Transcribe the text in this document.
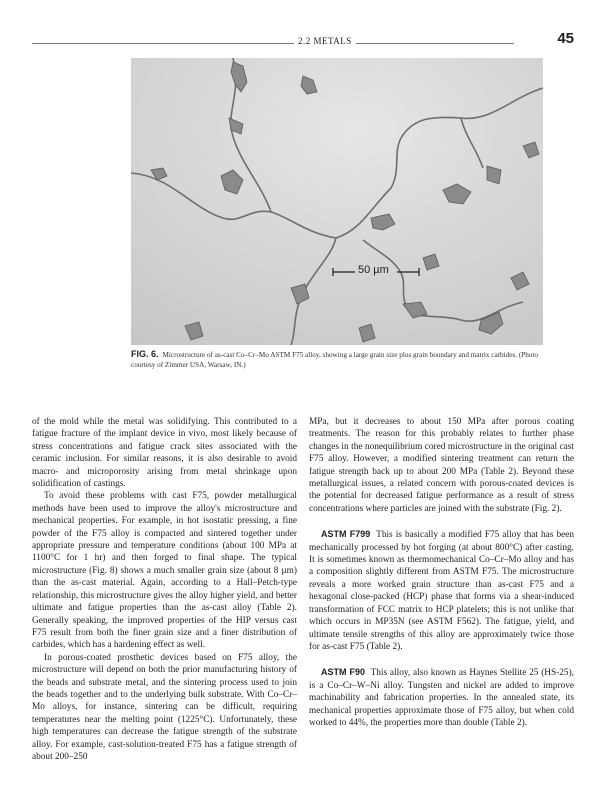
2.2 METALS	45
50 µm
FIG. 6. Microstructure of as-cast Co–Cr–Mo ASTM F75 alloy, showing a large grain size plus grain boundary and matrix carbides. (Photo courtesy of Zimmer USA, Warsaw, IN.)

of the mold while the metal was solidifying. This contributed to a fatigue fracture of the implant device in vivo, most likely because of stress concentrations and fatigue crack sites associated with the ceramic inclusion. For similar reasons, it is also desirable to avoid macro- and microporosity arising from metal shrinkage upon solidification of castings.

To avoid these problems with cast F75, powder metallurgical methods have been used to improve the alloy's microstructure and mechanical properties. For example, in hot isostatic pressing, a fine powder of the F75 alloy is compacted and sintered together under appropriate pressure and temperature conditions (about 100 MPa at 1100°C for 1 hr) and then forged to final shape. The typical microstructure (Fig. 8) shows a much smaller grain size (about 8 µm) than the as-cast material. Again, according to a Hall–Petch-type relationship, this microstructure gives the alloy higher yield, and better ultimate and fatigue properties than the as-cast alloy (Table 2). Generally speaking, the improved properties of the HIP versus cast F75 result from both the finer grain size and a finer distribution of carbides, which has a hardening effect as well.

In porous-coated prosthetic devices based on F75 alloy, the microstructure will depend on both the prior manufacturing history of the beads and substrate metal, and the sintering process used to join the beads together and to the underlying bulk substrate. With Co–Cr–Mo alloys, for instance, sintering can be difficult, requiring temperatures near the melting point (1225°C). Unfortunately, these high temperatures can decrease the fatigue strength of the substrate alloy. For example, cast-solution-treated F75 has a fatigue strength of about 200–250

MPa, but it decreases to about 150 MPa after porous coating treatments. The reason for this probably relates to further phase changes in the nonequilibrium cored microstructure in the original cast F75 alloy. However, a modified sintering treatment can return the fatigue strength back up to about 200 MPa (Table 2). Beyond these metallurgical issues, a related concern with porous-coated devices is the potential for decreased fatigue performance as a result of stress concentrations where particles are joined with the substrate (Fig. 2).

ASTM F799 This is basically a modified F75 alloy that has been mechanically processed by hot forging (at about 800°C) after casting. It is sometimes known as thermomechanical Co–Cr–Mo alloy and has a composition slightly different from ASTM F75. The microstructure reveals a more worked grain structure than as-cast F75 and a hexagonal close-packed (HCP) phase that forms via a shear-induced transformation of FCC matrix to HCP platelets; this is not unlike that which occurs in MP35N (see ASTM F562). The fatigue, yield, and ultimate tensile strengths of this alloy are approximately twice those for as-cast F75 (Table 2).

ASTM F90 This alloy, also known as Haynes Stellite 25 (HS-25), is a Co–Cr–W–Ni alloy. Tungsten and nickel are added to improve machinability and fabrication properties. In the annealed state, its mechanical properties approximate those of F75 alloy, but when cold worked to 44%, the properties more than double (Table 2).
